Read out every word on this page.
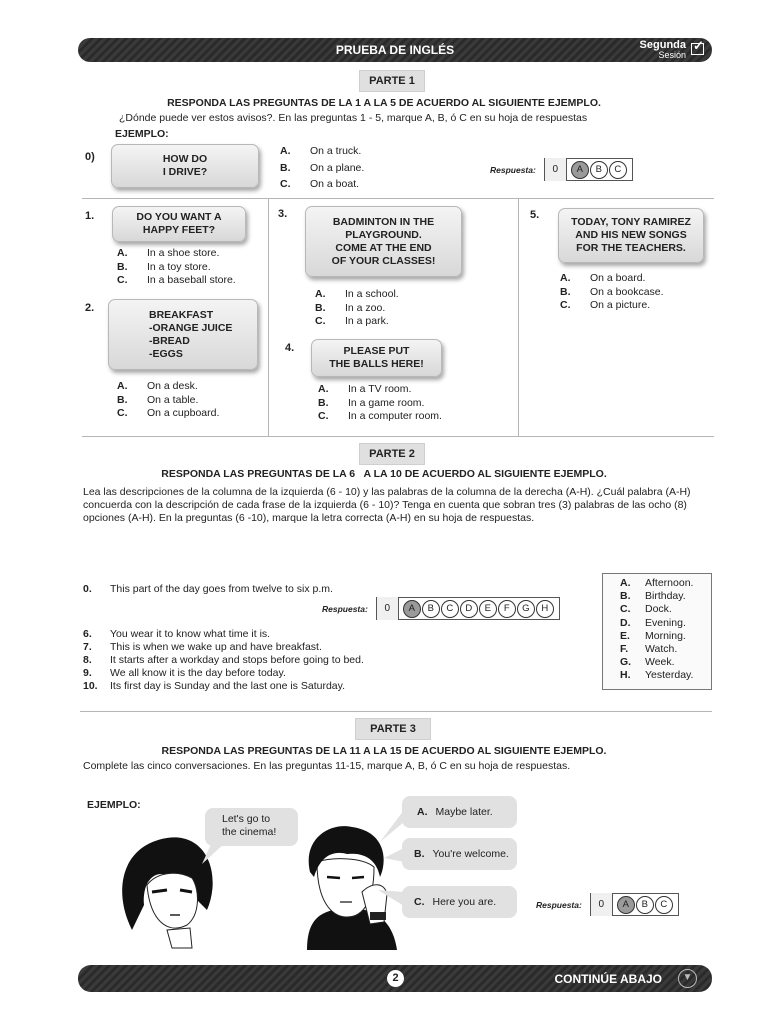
PRUEBA DE INGLÉS	Segunda
Sesión
✓
PARTE 1
RESPONDA LAS PREGUNTAS DE LA 1 A LA 5 DE ACUERDO AL SIGUIENTE EJEMPLO.
¿Dónde puede ver estos avisos?. En las preguntas 1 - 5, marque A, B, ó C en su hoja de respuestas
EJEMPLO:
0)	HOW DO
I DRIVE?
A.	On a truck.
B.	On a plane.
C.	On a boat.
Respuesta:	0	A	B	C
1.	DO YOU WANT A
HAPPY FEET?
A.	In a shoe store.
B.	In a toy store.
C.	In a baseball store.
2.
BREAKFAST
-ORANGE JUICE
-BREAD
-EGGS
A.	On a desk.
B.	On a table.
C.	On a cupboard.
3.
BADMINTON IN THE
PLAYGROUND.
COME AT THE END
OF YOUR CLASSES!
A.	In a school.
B.	In a zoo.
C.	In a park.
4.	PLEASE PUT
THE BALLS HERE!
A.	In a TV room.
B.	In a game room.
C.	In a computer room.
5.
TODAY, TONY RAMIREZ
AND HIS NEW SONGS
FOR THE TEACHERS.
A.	On a board.
B.	On a bookcase.
C.	On a picture.
PARTE 2
RESPONDA LAS PREGUNTAS DE LA 6   A LA 10 DE ACUERDO AL SIGUIENTE EJEMPLO.
Lea las descripciones de la columna de la izquierda (6 - 10) y las palabras de la columna de la derecha (A-H). ¿Cuál palabra (A-H) concuerda con la descripción de cada frase de la izquierda (6 - 10)? Tenga en cuenta que sobran tres (3) palabras de las ocho (8) opciones (A-H). En la preguntas (6 -10), marque la letra correcta (A-H) en su hoja de respuestas.
0.	This part of the day goes from twelve to six p.m.
Respuesta:	0	A	B	C	D	E	F	G	H
6.	You wear it to know what time it is.
7.	This is when we wake up and have breakfast.
8.	It starts after a workday and stops before going to bed.
9.	We all know it is the day before today.
10.	Its first day is Sunday and the last one is Saturday.
A.	Afternoon.
B.	Birthday.
C.	Dock.
D.	Evening.
E.	Morning.
F.	Watch.
G.	Week.
H.	Yesterday.
PARTE 3
RESPONDA LAS PREGUNTAS DE LA 11 A LA 15 DE ACUERDO AL SIGUIENTE EJEMPLO.
Complete las cinco conversaciones. En las preguntas 11-15, marque A, B, ó C en su hoja de respuestas.
EJEMPLO:
Let's go to
the cinema!
A. Maybe later.
B. You're welcome.
C. Here you are.	Respuesta:	0	A	B	C
2	CONTINÚE ABAJO	▼
